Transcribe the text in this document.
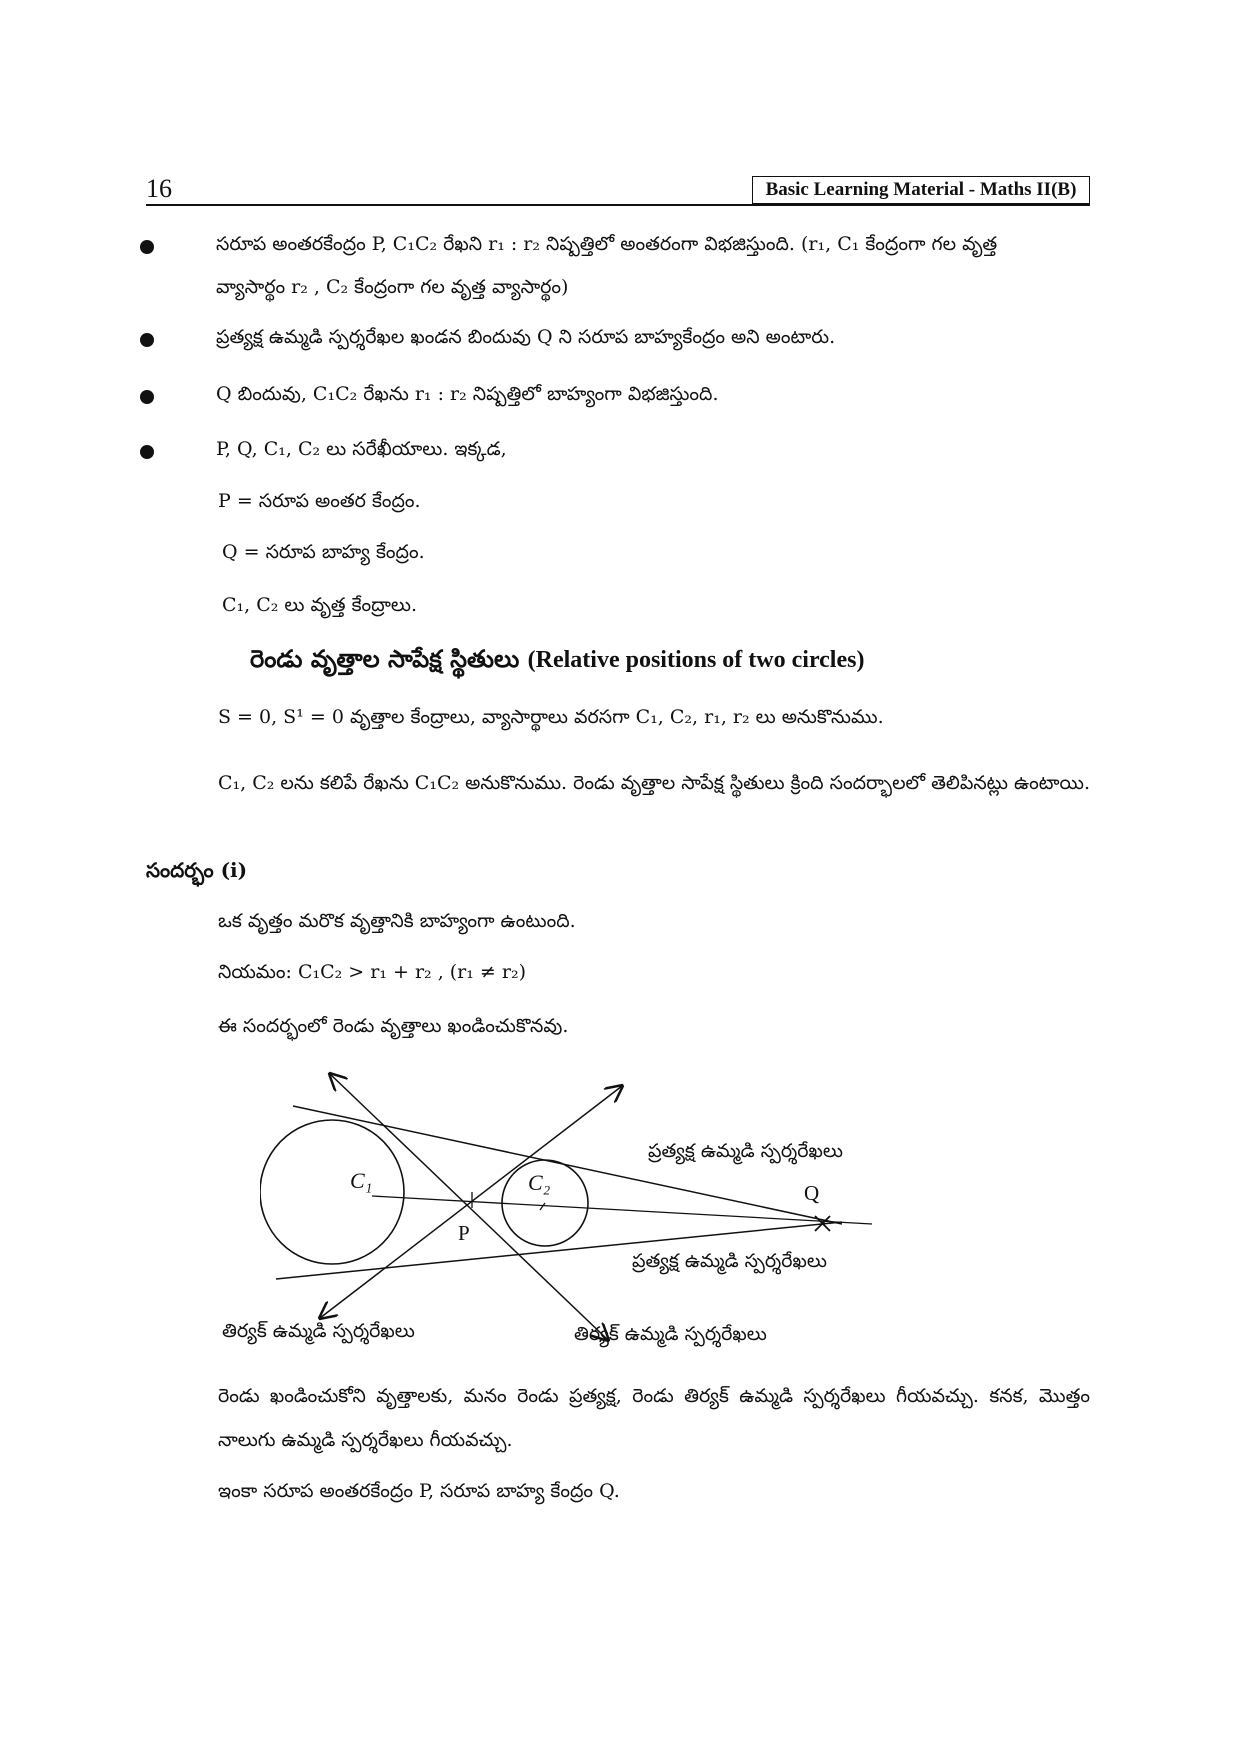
16	Basic Learning Material - Maths II(B)
సరూప అంతరకేంద్రం P, C₁C₂ రేఖని r₁ : r₂ నిష్పత్తిలో అంతరంగా విభజిస్తుంది. (r₁, C₁ కేంద్రంగా గల వృత్త
వ్యాసార్థం r₂ , C₂ కేంద్రంగా గల వృత్త వ్యాసార్థం)
ప్రత్యక్ష ఉమ్మడి స్పర్శరేఖల ఖండన బిందువు Q ని సరూప బాహ్యకేంద్రం అని అంటారు.
Q బిందువు, C₁C₂ రేఖను r₁ : r₂ నిష్పత్తిలో బాహ్యంగా విభజిస్తుంది.
P, Q, C₁, C₂ లు సరేఖీయాలు. ఇక్కడ,
P = సరూప అంతర కేంద్రం.
Q = సరూప బాహ్య కేంద్రం.
C₁, C₂ లు వృత్త కేంద్రాలు.
రెండు వృత్తాల సాపేక్ష స్థితులు (Relative positions of two circles)
S = 0, S¹ = 0 వృత్తాల కేంద్రాలు, వ్యాసార్థాలు వరసగా C₁, C₂, r₁, r₂ లు అనుకొనుము.
C₁, C₂ లను కలిపే రేఖను C₁C₂ అనుకొనుము. రెండు వృత్తాల సాపేక్ష స్థితులు క్రింది సందర్భాలలో తెలిపినట్లు ఉంటాయి.
సందర్భం (i)
ఒక వృత్తం మరొక వృత్తానికి బాహ్యంగా ఉంటుంది.
నియమం: C₁C₂ > r₁ + r₂ , (r₁ ≠ r₂)
ఈ సందర్భంలో రెండు వృత్తాలు ఖండించుకొనవు.
C₁	C₂
P
Q
ప్రత్యక్ష ఉమ్మడి స్పర్శరేఖలు
ప్రత్యక్ష ఉమ్మడి స్పర్శరేఖలు
తిర్యక్ ఉమ్మడి స్పర్శరేఖలు	తిర్యక్ ఉమ్మడి స్పర్శరేఖలు
రెండు ఖండించుకోని వృత్తాలకు, మనం రెండు ప్రత్యక్ష, రెండు తిర్యక్ ఉమ్మడి స్పర్శరేఖలు గీయవచ్చు. కనక, మొత్తం నాలుగు ఉమ్మడి స్పర్శరేఖలు గీయవచ్చు.
ఇంకా సరూప అంతరకేంద్రం P, సరూప బాహ్య కేంద్రం Q.
